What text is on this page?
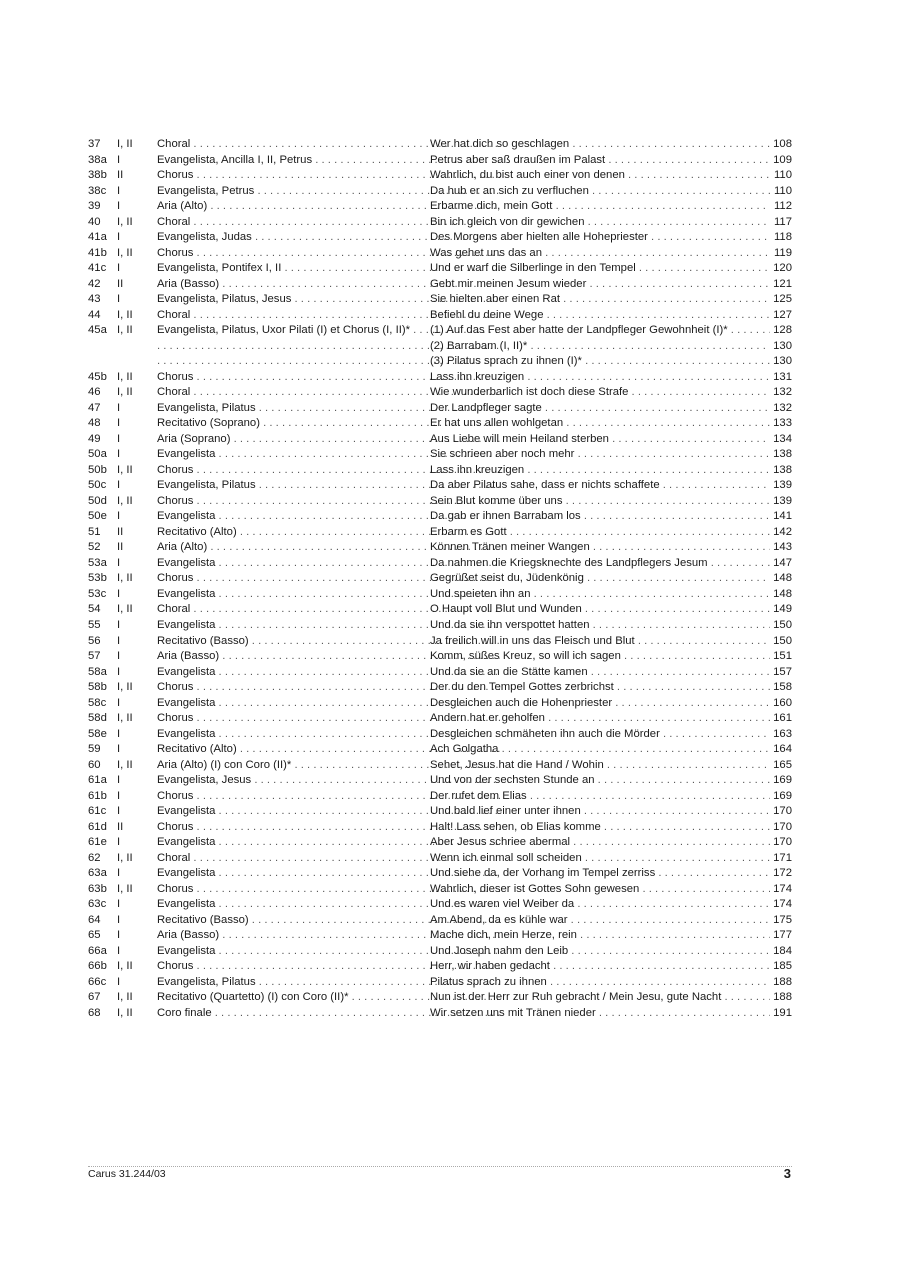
37 I, II Choral . . .	Wer hat dich so geschlagen . . .	108
38a I	Evangelista, Ancilla I, II, Petrus . . .	Petrus aber saß draußen im Palast . . .	109
38b II	Chorus . . .	Wahrlich, du bist auch einer von denen . . .	110
38c I	Evangelista, Petrus . . .	Da hub er an sich zu verfluchen . . .	110
39 I	Aria (Alto) . . .	Erbarme dich, mein Gott . . .	112
40 I, II Choral . . .	Bin ich gleich von dir gewichen . . .	117
41a I	Evangelista, Judas . . .	Des Morgens aber hielten alle Hohepriester . . .	118
41b I, II Chorus . . .	Was gehet uns das an . . .	119
41c I	Evangelista, Pontifex I, II . . .	Und er warf die Silberlinge in den Tempel . . .	120
42 II	Aria (Basso) . . .	Gebt mir meinen Jesum wieder . . .	121
43 I	Evangelista, Pilatus, Jesus . . .	Sie hielten aber einen Rat . . .	125
44 I, II Choral . . .	Befiehl du deine Wege . . .	127
45a I, II Evangelista, Pilatus, Uxor Pilati (I) et Chorus (I, II)* . . .	(1) Auf das Fest aber hatte der Landpfleger Gewohnheit (I)* . . .	128
. . .
(2) Barrabam (I, II)* . . .	130
. . .
(3) Pilatus sprach zu ihnen (I)* . . .	130
45b I, II Chorus . . .	Lass ihn kreuzigen . . .	131
46 I, II Choral . . .	Wie wunderbarlich ist doch diese Strafe . . .	132
47 I	Evangelista, Pilatus . . .	Der Landpfleger sagte . . .	132
48 I	Recitativo (Soprano) . . .	Er hat uns allen wohlgetan . . .	133
49 I	Aria (Soprano) . . .	Aus Liebe will mein Heiland sterben . . .	134
50a I	Evangelista . . .	Sie schrieen aber noch mehr . . .	138
50b I, II Chorus . . .	Lass ihn kreuzigen . . .	138
50c I	Evangelista, Pilatus . . .	Da aber Pilatus sahe, dass er nichts schaffete . . .	139
50d I, II Chorus . . .	Sein Blut komme über uns . . .	139
50e I	Evangelista . . .	Da gab er ihnen Barrabam los . . .	141
51 II	Recitativo (Alto) . . .	Erbarm es Gott . . .	142
52 II	Aria (Alto) . . .	Können Tränen meiner Wangen . . .	143
53a I	Evangelista . . .	Da nahmen die Kriegsknechte des Landpflegers Jesum . . .	147
53b I, II Chorus . . .	Gegrüßet seist du, Jüdenkönig . . .	148
53c I	Evangelista . . .	Und speieten ihn an . . .	148
54 I, II Choral . . .	O Haupt voll Blut und Wunden . . .	149
55 I	Evangelista . . .	Und da sie ihn verspottet hatten . . .	150
56 I	Recitativo (Basso) . . .	Ja freilich will in uns das Fleisch und Blut . . .	150
57 I	Aria (Basso) . . .	Komm, süßes Kreuz, so will ich sagen . . .	151
58a I	Evangelista . . .	Und da sie an die Stätte kamen . . .	157
58b I, II Chorus . . .	Der du den Tempel Gottes zerbrichst . . .	158
58c I	Evangelista . . .	Desgleichen auch die Hohenpriester . . .	160
58d I, II Chorus . . .	Andern hat er geholfen . . .	161
58e I	Evangelista . . .	Desgleichen schmäheten ihn auch die Mörder . . .	163
59 I	Recitativo (Alto) . . .	Ach Golgatha . . .	164
60 I, II Aria (Alto) (I) con Coro (II)* . . .	Sehet, Jesus hat die Hand / Wohin . . .	165
61a I	Evangelista, Jesus . . .	Und von der sechsten Stunde an . . .	169
61b I	Chorus . . .	Der rufet dem Elias . . .	169
61c I	Evangelista . . .	Und bald lief einer unter ihnen . . .	170
61d II	Chorus . . .	Halt! Lass sehen, ob Elias komme . . .	170
61e I	Evangelista . . .	Aber Jesus schriee abermal . . .	170
62 I, II Choral . . .	Wenn ich einmal soll scheiden . . .	171
63a I	Evangelista . . .	Und siehe da, der Vorhang im Tempel zerriss . . .	172
63b I, II Chorus . . .	Wahrlich, dieser ist Gottes Sohn gewesen . . .	174
63c I	Evangelista . . .	Und es waren viel Weiber da . . .	174
64 I	Recitativo (Basso) . . .	Am Abend, da es kühle war . . .	175
65 I	Aria (Basso) . . .	Mache dich, mein Herze, rein . . .	177
66a I	Evangelista . . .	Und Joseph nahm den Leib . . .	184
66b I, II Chorus . . .	Herr, wir haben gedacht . . .	185
66c I	Evangelista, Pilatus . . .	Pilatus sprach zu ihnen . . .	188
67 I, II Recitativo (Quartetto) (I) con Coro (II)* . . .	Nun ist der Herr zur Ruh gebracht / Mein Jesu, gute Nacht . . .	188
68 I, II Coro finale . . .	Wir setzen uns mit Tränen nieder . . .	191
Carus 31.244/03	3
